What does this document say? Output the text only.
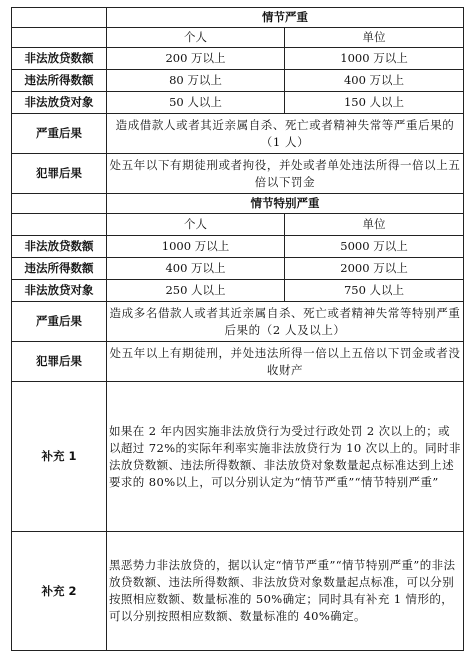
	情节严重	
	个人	单位
非法放贷数额	200 万以上	1000 万以上
违法所得数额	80 万以上	400 万以上
非法放贷对象	50 人以上	150 人以上
严重后果	造成借款人或者其近亲属自杀、死亡或者精神失常等严重后果的（1 人）	
犯罪后果	处五年以下有期徒刑或者拘役，并处或者单处违法所得一倍以上五倍以下罚金	
	情节特别严重	
	个人	单位
非法放贷数额	1000 万以上	5000 万以上
违法所得数额	400 万以上	2000 万以上
非法放贷对象	250 人以上	750 人以上
严重后果	造成多名借款人或者其近亲属自杀、死亡或者精神失常等特别严重后果的（2 人及以上）	
犯罪后果	处五年以上有期徒刑，并处违法所得一倍以上五倍以下罚金或者没收财产	
补充 1	如果在 2 年内因实施非法放贷行为受过行政处罚 2 次以上的；或以超过 72%的实际年利率实施非法放贷行为 10 次以上的。同时非法放贷数额、违法所得数额、非法放贷对象数量起点标准达到上述要求的 80%以上，可以分别认定为“情节严重”“情节特别严重”	
补充 2	黑恶势力非法放贷的，据以认定“情节严重”“情节特别严重”的非法放贷数额、违法所得数额、非法放贷对象数量起点标准，可以分别按照相应数额、数量标准的 50%确定；同时具有补充 1 情形的，可以分别按照相应数额、数量标准的 40%确定。	
